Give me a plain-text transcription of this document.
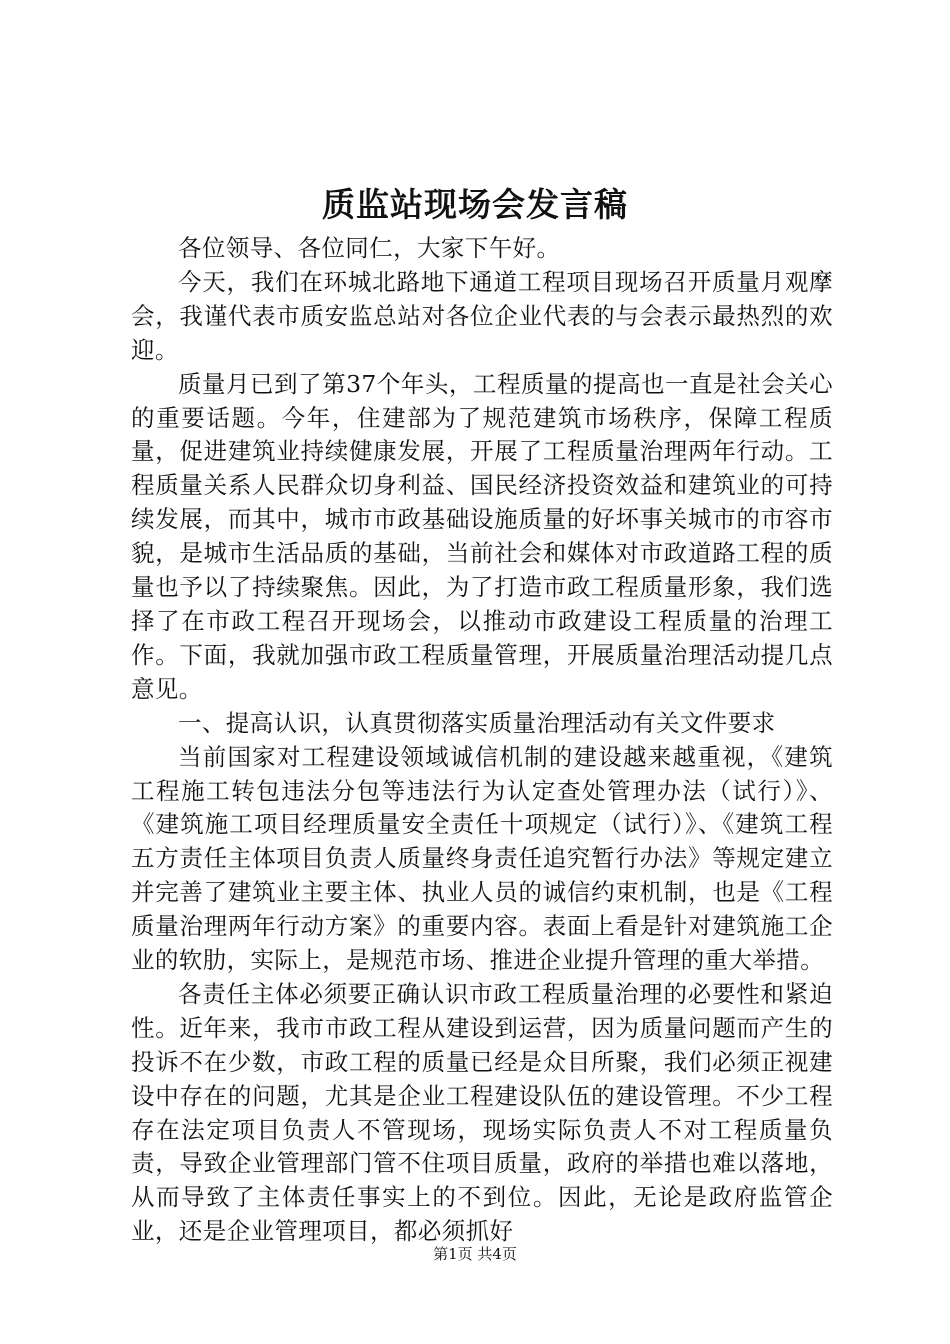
质监站现场会发言稿

各位领导、各位同仁，大家下午好。

今天，我们在环城北路地下通道工程项目现场召开质量月观摩会，我谨代表市质安监总站对各位企业代表的与会表示最热烈的欢迎。

质量月已到了第37个年头，工程质量的提高也一直是社会关心的重要话题。今年，住建部为了规范建筑市场秩序，保障工程质量，促进建筑业持续健康发展，开展了工程质量治理两年行动。工程质量关系人民群众切身利益、国民经济投资效益和建筑业的可持续发展，而其中，城市市政基础设施质量的好坏事关城市的市容市貌，是城市生活品质的基础，当前社会和媒体对市政道路工程的质量也予以了持续聚焦。因此，为了打造市政工程质量形象，我们选择了在市政工程召开现场会，以推动市政建设工程质量的治理工作。下面，我就加强市政工程质量管理，开展质量治理活动提几点意见。

一、提高认识，认真贯彻落实质量治理活动有关文件要求

当前国家对工程建设领域诚信机制的建设越来越重视，《建筑工程施工转包违法分包等违法行为认定查处管理办法（试行）》、《建筑施工项目经理质量安全责任十项规定（试行）》、《建筑工程五方责任主体项目负责人质量终身责任追究暂行办法》等规定建立并完善了建筑业主要主体、执业人员的诚信约束机制，也是《工程质量治理两年行动方案》的重要内容。表面上看是针对建筑施工企业的软肋，实际上，是规范市场、推进企业提升管理的重大举措。

各责任主体必须要正确认识市政工程质量治理的必要性和紧迫性。近年来，我市市政工程从建设到运营，因为质量问题而产生的投诉不在少数，市政工程的质量已经是众目所聚，我们必须正视建设中存在的问题，尤其是企业工程建设队伍的建设管理。不少工程存在法定项目负责人不管现场，现场实际负责人不对工程质量负责，导致企业管理部门管不住项目质量，政府的举措也难以落地，从而导致了主体责任事实上的不到位。因此，无论是政府监管企业，还是企业管理项目，都必须抓好

第1页 共4页
